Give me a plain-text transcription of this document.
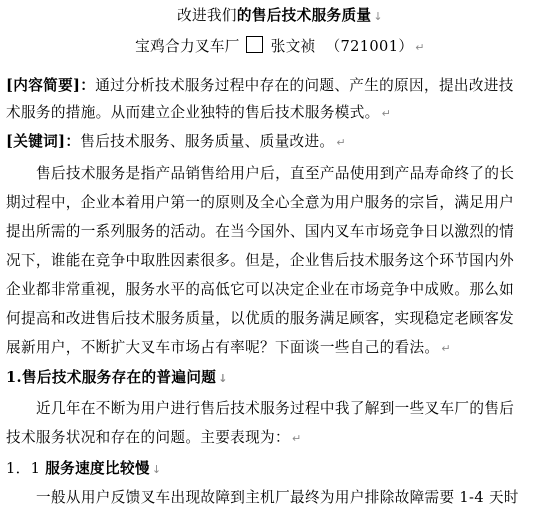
改进我们的售后技术服务质量 ↓
宝鸡合力叉车厂 张文祯 （721001） ↵
[内容简要]：通过分析技术服务过程中存在的问题、产生的原因，提出改进技
术服务的措施。从而建立企业独特的售后技术服务模式。 ↵
[关键词]：售后技术服务、服务质量、质量改进。 ↵
售后技术服务是指产品销售给用户后，直至产品使用到产品寿命终了的长
期过程中，企业本着用户第一的原则及全心全意为用户服务的宗旨，满足用户
提出所需的一系列服务的活动。在当今国外、国内叉车市场竞争日以激烈的情
况下，谁能在竞争中取胜因素很多。但是，企业售后技术服务这个环节国内外
企业都非常重视，服务水平的高低它可以决定企业在市场竞争中成败。那么如
何提高和改进售后技术服务质量，以优质的服务满足顾客，实现稳定老顾客发
展新用户，不断扩大叉车市场占有率呢？下面谈一些自己的看法。 ↵
1.售后技术服务存在的普遍问题 ↓
近几年在不断为用户进行售后技术服务过程中我了解到一些叉车厂的售后
技术服务状况和存在的问题。主要表现为： ↵
1．1 服务速度比较慢 ↓
一般从用户反馈叉车出现故障到主机厂最终为用户排除故障需要 1-4 天时
